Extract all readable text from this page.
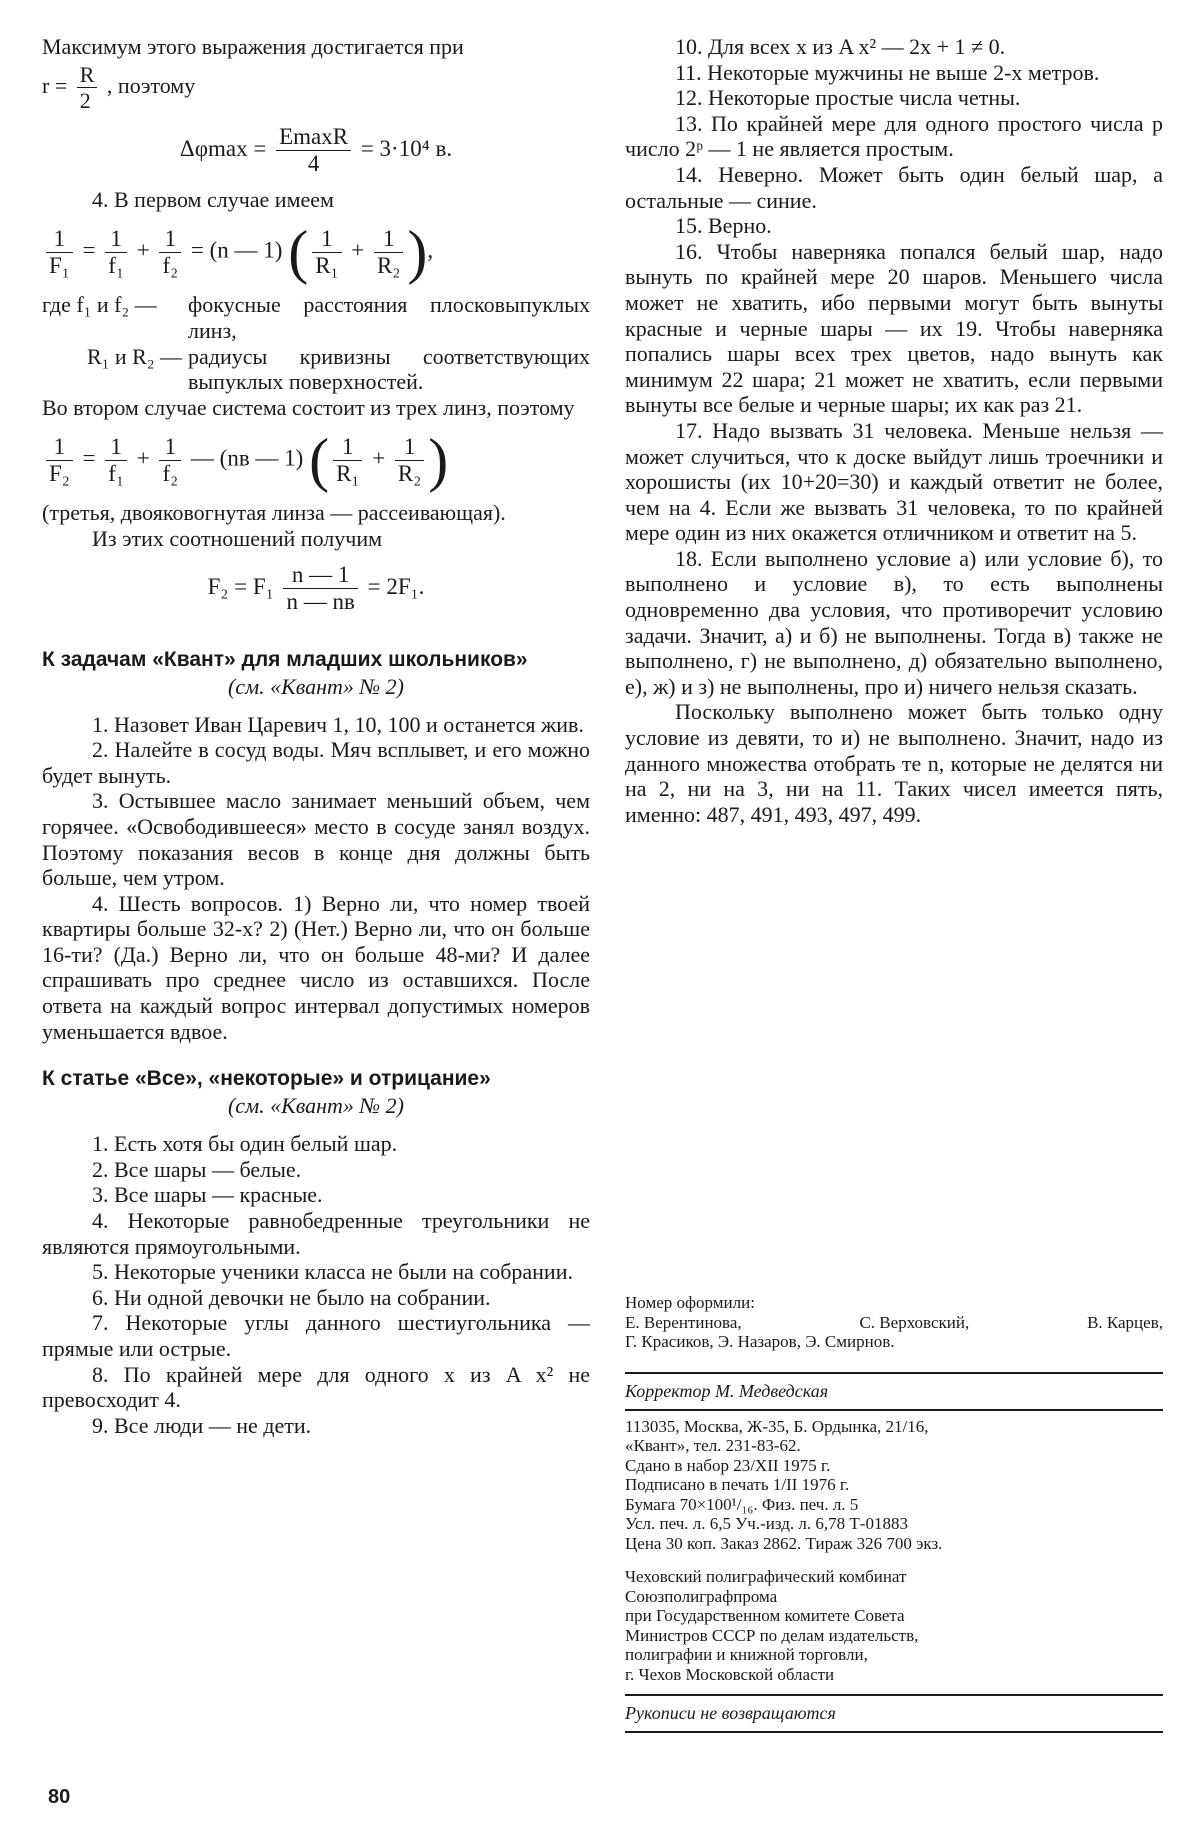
Максимум этого выражения достигается при

$r = \frac{R}{2}$ , поэтому

$\Delta\varphi\max = \frac{EmaxR}{4} = 3\cdot 10^4$ в.

4. В первом случае имеем

$\frac{1}{\text{F₁}} = \frac{1}{\text{f₁}} + \frac{1}{\text{f₂}} = (n$ — 1) ( $\frac{1}{\text{R₁}} + \frac{1}{\text{R₂}}$ ),
где f₁ и f₂ —	фокусные расстояния плосковыпуклых линз,
R₁ и R₂ — радиусы кривизны соответствующих выпуклых поверхностей.

Во втором случае система состоит из трех линз, поэтому

$\frac{1}{\text{F₂}} = \frac{1}{\text{f₁}} + \frac{1}{\text{f₂}}$ — (nв — 1) ( $\frac{1}{\text{R₁}} + \frac{1}{\text{R₂}}$ )

(третья, двояковогнутая линза — рассеивающая).

Из этих соотношений получим

$F_2 = F_1 \frac{n — 1}{n — nв} = 2F_1$.

К задачам «Квант» для младших школьников»

(см. «Квант» № 2)

1. Назовет Иван Царевич 1, 10, 100 и останется жив.

2. Налейте в сосуд воды. Мяч всплывет, и его можно будет вынуть.

3. Остывшее масло занимает меньший объем, чем горячее. «Освободившееся» место в сосуде занял воздух. Поэтому показания весов в конце дня должны быть больше, чем утром.

4. Шесть вопросов. 1) Верно ли, что номер твоей квартиры больше 32-х? 2) (Нет.) Верно ли, что он больше 16-ти? (Да.) Верно ли, что он больше 48-ми? И далее спрашивать про среднее число из оставшихся. После ответа на каждый вопрос интервал допустимых номеров уменьшается вдвое.

К статье «Все», «некоторые» и отрицание»

(см. «Квант» № 2)

1. Есть хотя бы один белый шар.

2. Все шары — белые.

3. Все шары — красные.

4. Некоторые равнобедренные треугольники не являются прямоугольными.

5. Некоторые ученики класса не были на собрании.

6. Ни одной девочки не было на собрании.

7. Некоторые углы данного шестиугольника — прямые или острые.

8. По крайней мере для одного x из A x² не превосходит 4.

9. Все люди — не дети.

10. Для всех x из A x² — 2x + 1 ≠ 0.

11. Некоторые мужчины не выше 2-х метров.

12. Некоторые простые числа четны.

13. По крайней мере для одного простого числа p число 2ᵖ — 1 не является простым.

14. Неверно. Может быть один белый шар, а остальные — синие.

15. Верно.

16. Чтобы наверняка попался белый шар, надо вынуть по крайней мере 20 шаров. Меньшего числа может не хватить, ибо первыми могут быть вынуты красные и черные шары — их 19. Чтобы наверняка попались шары всех трех цветов, надо вынуть как минимум 22 шара; 21 может не хватить, если первыми вынуты все белые и черные шары; их как раз 21.

17. Надо вызвать 31 человека. Меньше нельзя — может случиться, что к доске выйдут лишь троечники и хорошисты (их 10+20=30) и каждый ответит не более, чем на 4. Если же вызвать 31 человека, то по крайней мере один из них окажется отличником и ответит на 5.

18. Если выполнено условие а) или условие б), то выполнено и условие в), то есть выполнены одновременно два условия, что противоречит условию задачи. Значит, а) и б) не выполнены. Тогда в) также не выполнено, г) не выполнено, д) обязательно выполнено, е), ж) и з) не выполнены, про и) ничего нельзя сказать.

Поскольку выполнено может быть только одну условие из девяти, то и) не выполнено. Значит, надо из данного множества отобрать те n, которые не делятся ни на 2, ни на 3, ни на 11. Таких чисел имеется пять, именно: 487, 491, 493, 497, 499.

Номер оформили:

Е. Верентинова,	С. Верховский,	В. Карцев,

Г. Красиков, Э. Назаров, Э. Смирнов.

Корректор М. Медведская

113035, Москва, Ж-35, Б. Ордынка, 21/16,

«Квант», тел. 231-83-62.

Сдано в набор 23/XII 1975 г.

Подписано в печать 1/II 1976 г.

Бумага 70×100¹/₁₆. Физ. печ. л. 5

Усл. печ. л. 6,5 Уч.-изд. л. 6,78 Т-01883

Цена 30 коп. Заказ 2862. Тираж 326 700 экз.

Чеховский полиграфический комбинат

Союзполиграфпрома

при Государственном комитете Совета

Министров СССР по делам издательств,

полиграфии и книжной торговли,

г. Чехов Московской области

Рукописи не возвращаются
80
